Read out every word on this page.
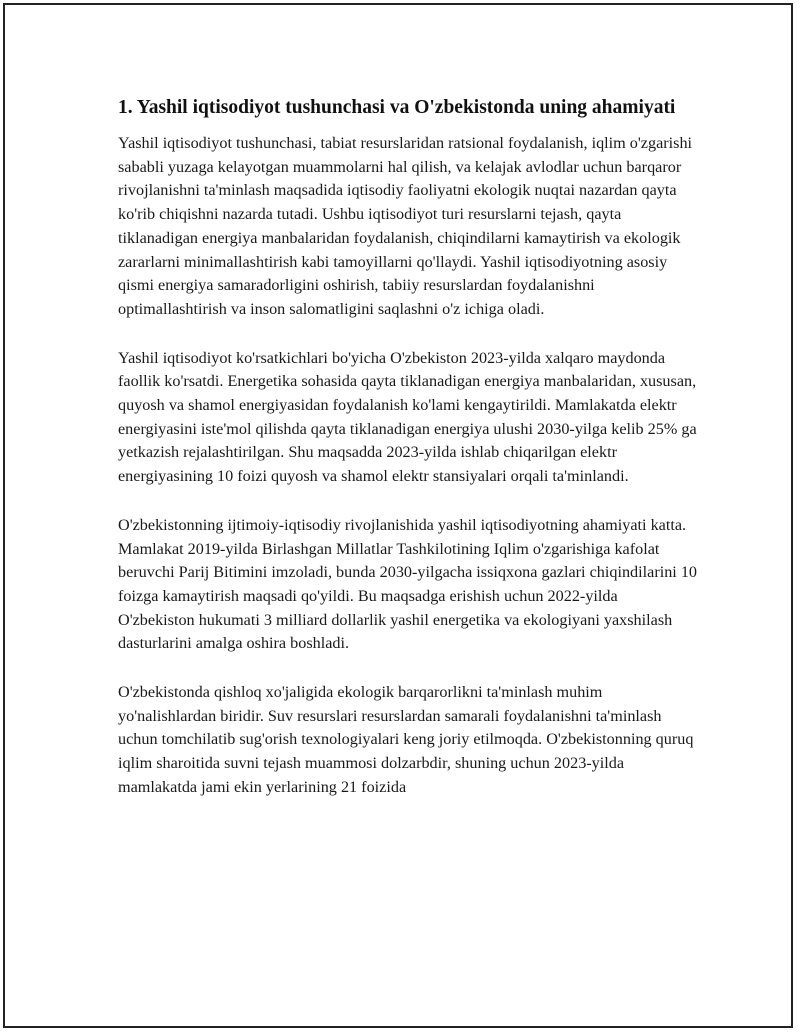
1. Yashil iqtisodiyot tushunchasi va O'zbekistonda uning ahamiyati

Yashil iqtisodiyot tushunchasi, tabiat resurslaridan ratsional foydalanish, iqlim o'zgarishi sababli yuzaga kelayotgan muammolarni hal qilish, va kelajak avlodlar uchun barqaror rivojlanishni ta'minlash maqsadida iqtisodiy faoliyatni ekologik nuqtai nazardan qayta ko'rib chiqishni nazarda tutadi. Ushbu iqtisodiyot turi resurslarni tejash, qayta tiklanadigan energiya manbalaridan foydalanish, chiqindilarni kamaytirish va ekologik zararlarni minimallashtirish kabi tamoyillarni qo'llaydi. Yashil iqtisodiyotning asosiy qismi energiya samaradorligini oshirish, tabiiy resurslardan foydalanishni optimallashtirish va inson salomatligini saqlashni o'z ichiga oladi.

Yashil iqtisodiyot ko'rsatkichlari bo'yicha O'zbekiston 2023-yilda xalqaro maydonda faollik ko'rsatdi. Energetika sohasida qayta tiklanadigan energiya manbalaridan, xususan, quyosh va shamol energiyasidan foydalanish ko'lami kengaytirildi. Mamlakatda elektr energiyasini iste'mol qilishda qayta tiklanadigan energiya ulushi 2030-yilga kelib 25% ga yetkazish rejalashtirilgan. Shu maqsadda 2023-yilda ishlab chiqarilgan elektr energiyasining 10 foizi quyosh va shamol elektr stansiyalari orqali ta'minlandi.

O'zbekistonning ijtimoiy-iqtisodiy rivojlanishida yashil iqtisodiyotning ahamiyati katta. Mamlakat 2019-yilda Birlashgan Millatlar Tashkilotining Iqlim o'zgarishiga kafolat beruvchi Parij Bitimini imzoladi, bunda 2030-yilgacha issiqxona gazlari chiqindilarini 10 foizga kamaytirish maqsadi qo'yildi. Bu maqsadga erishish uchun 2022-yilda O'zbekiston hukumati 3 milliard dollarlik yashil energetika va ekologiyani yaxshilash dasturlarini amalga oshira boshladi.

O'zbekistonda qishloq xo'jaligida ekologik barqarorlikni ta'minlash muhim yo'nalishlardan biridir. Suv resurslari resurslardan samarali foydalanishni ta'minlash uchun tomchilatib sug'orish texnologiyalari keng joriy etilmoqda. O'zbekistonning quruq iqlim sharoitida suvni tejash muammosi dolzarbdir, shuning uchun 2023-yilda mamlakatda jami ekin yerlarining 21 foizida
